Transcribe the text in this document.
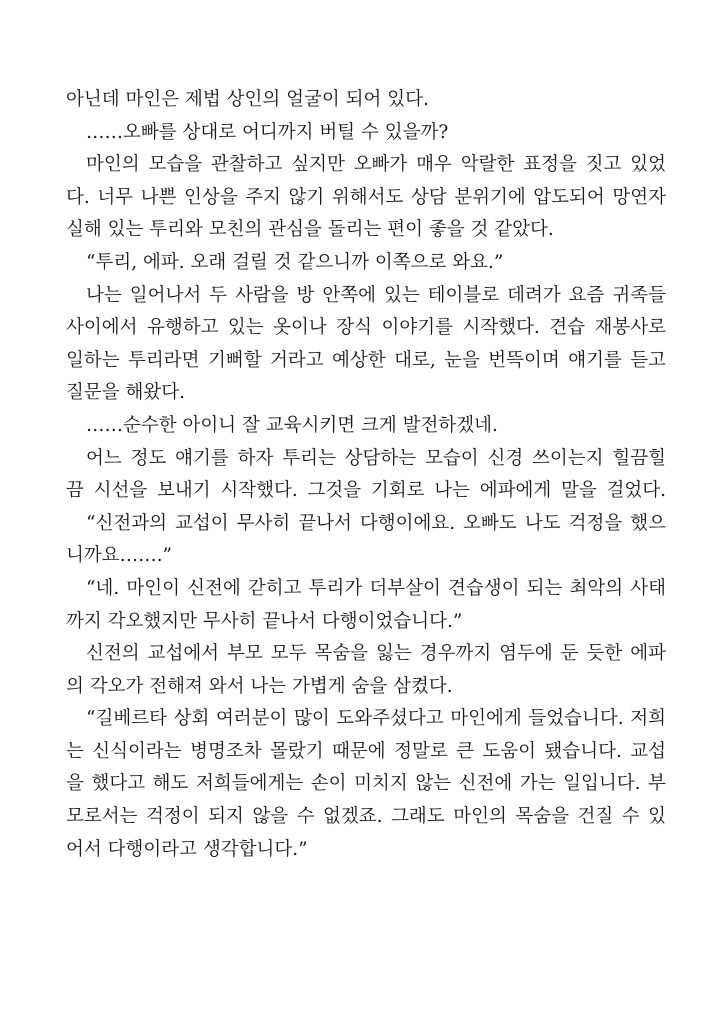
아닌데 마인은 제법 상인의 얼굴이 되어 있다.
……오빠를 상대로 어디까지 버틸 수 있을까?
마인의 모습을 관찰하고 싶지만 오빠가 매우 악랄한 표정을 짓고 있었
다. 너무 나쁜 인상을 주지 않기 위해서도 상담 분위기에 압도되어 망연자
실해 있는 투리와 모친의 관심을 돌리는 편이 좋을 것 같았다.
“투리, 에파. 오래 걸릴 것 같으니까 이쪽으로 와요.”
나는 일어나서 두 사람을 방 안쪽에 있는 테이블로 데려가 요즘 귀족들
사이에서 유행하고 있는 옷이나 장식 이야기를 시작했다. 견습 재봉사로
일하는 투리라면 기뻐할 거라고 예상한 대로, 눈을 번뜩이며 얘기를 듣고
질문을 해왔다.
……순수한 아이니 잘 교육시키면 크게 발전하겠네.
어느 정도 얘기를 하자 투리는 상담하는 모습이 신경 쓰이는지 힐끔힐
끔 시선을 보내기 시작했다. 그것을 기회로 나는 에파에게 말을 걸었다.
“신전과의 교섭이 무사히 끝나서 다행이에요. 오빠도 나도 걱정을 했으
니까요…….”
“네. 마인이 신전에 갇히고 투리가 더부살이 견습생이 되는 최악의 사태
까지 각오했지만 무사히 끝나서 다행이었습니다.”
신전의 교섭에서 부모 모두 목숨을 잃는 경우까지 염두에 둔 듯한 에파
의 각오가 전해져 와서 나는 가볍게 숨을 삼켰다.
“길베르타 상회 여러분이 많이 도와주셨다고 마인에게 들었습니다. 저희
는 신식이라는 병명조차 몰랐기 때문에 정말로 큰 도움이 됐습니다. 교섭
을 했다고 해도 저희들에게는 손이 미치지 않는 신전에 가는 일입니다. 부
모로서는 걱정이 되지 않을 수 없겠죠. 그래도 마인의 목숨을 건질 수 있
어서 다행이라고 생각합니다.”
